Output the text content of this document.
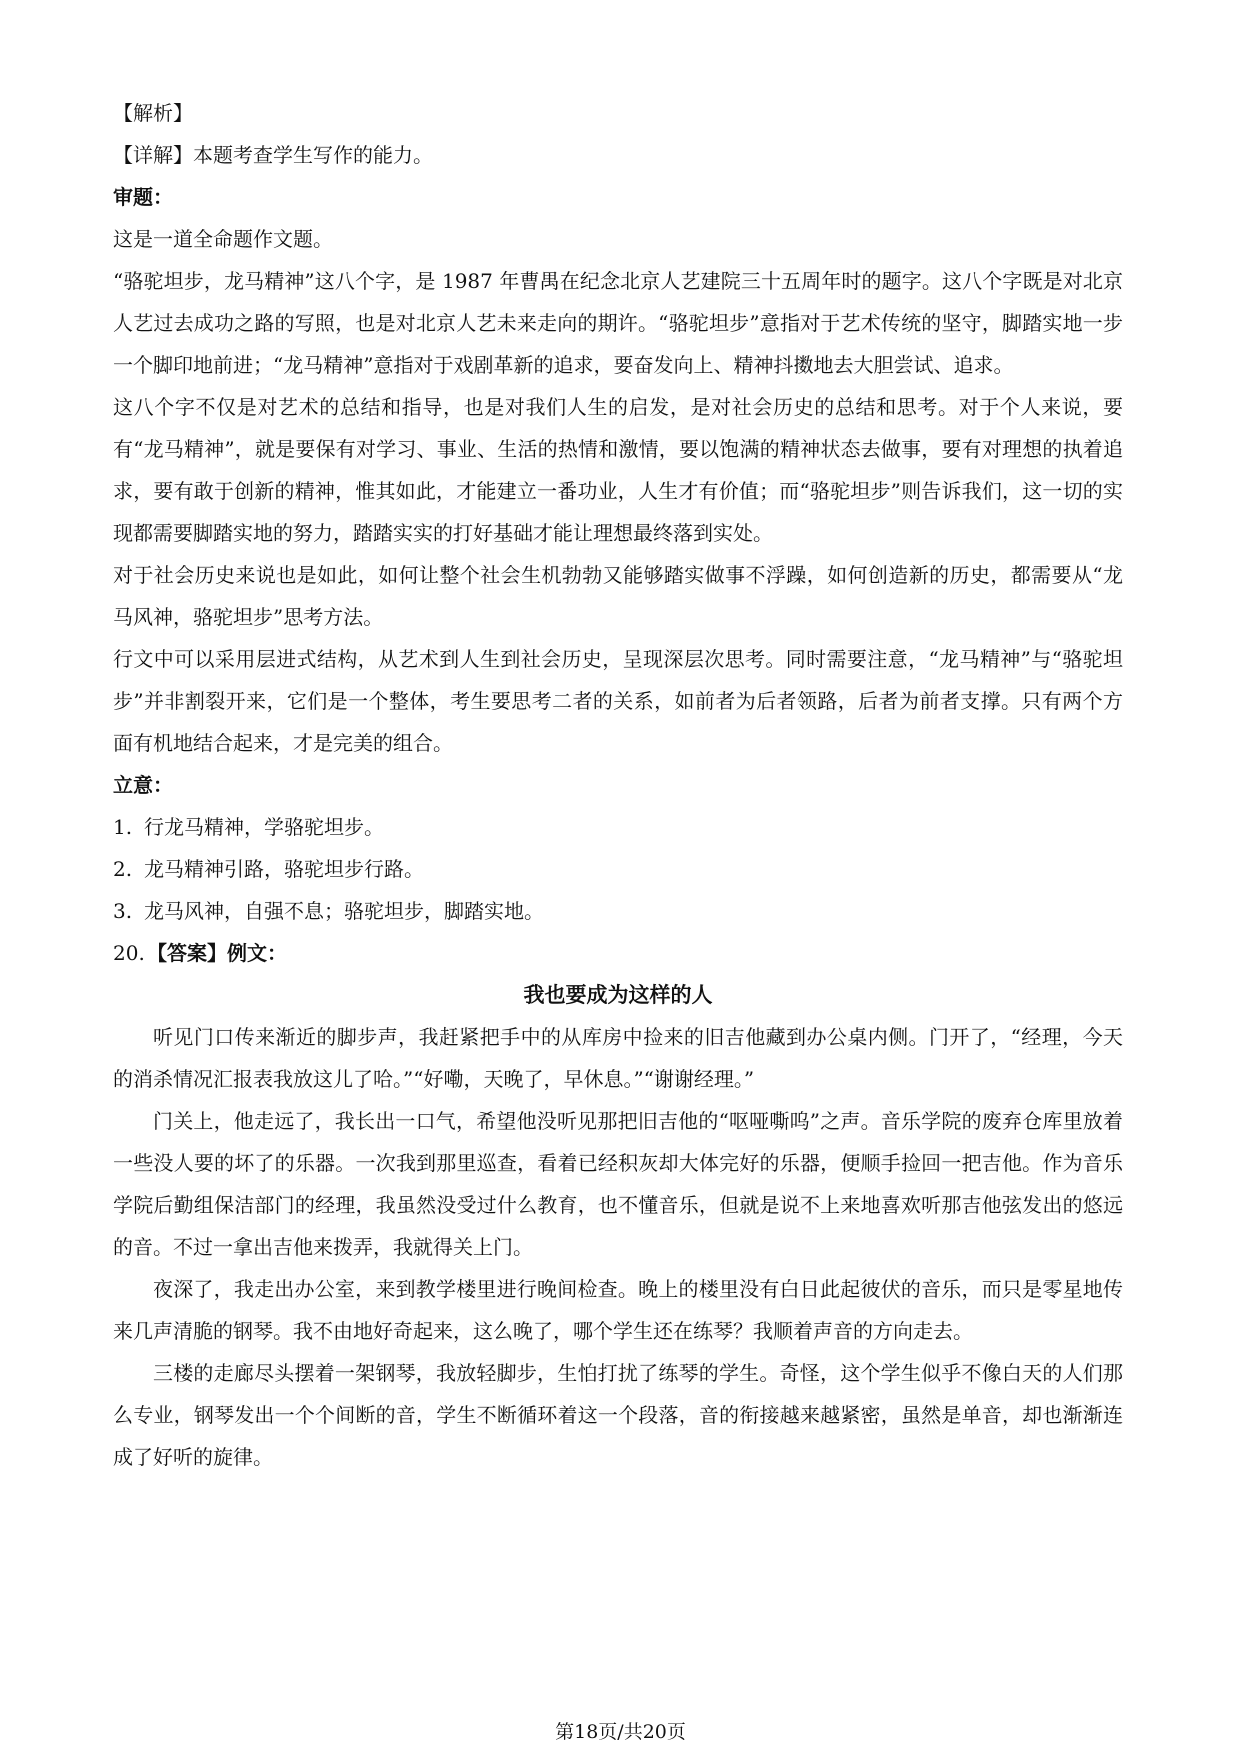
【解析】

【详解】本题考查学生写作的能力。

审题：

这是一道全命题作文题。

“骆驼坦步，龙马精神”这八个字，是 1987 年曹禺在纪念北京人艺建院三十五周年时的题字。这八个字既是对北京人艺过去成功之路的写照，也是对北京人艺未来走向的期许。“骆驼坦步”意指对于艺术传统的坚守，脚踏实地一步一个脚印地前进；“龙马精神”意指对于戏剧革新的追求，要奋发向上、精神抖擞地去大胆尝试、追求。

这八个字不仅是对艺术的总结和指导，也是对我们人生的启发，是对社会历史的总结和思考。对于个人来说，要有“龙马精神”，就是要保有对学习、事业、生活的热情和激情，要以饱满的精神状态去做事，要有对理想的执着追求，要有敢于创新的精神，惟其如此，才能建立一番功业，人生才有价值；而“骆驼坦步”则告诉我们，这一切的实现都需要脚踏实地的努力，踏踏实实的打好基础才能让理想最终落到实处。

对于社会历史来说也是如此，如何让整个社会生机勃勃又能够踏实做事不浮躁，如何创造新的历史，都需要从“龙马风神，骆驼坦步”思考方法。

行文中可以采用层进式结构，从艺术到人生到社会历史，呈现深层次思考。同时需要注意，“龙马精神”与“骆驼坦步”并非割裂开来，它们是一个整体，考生要思考二者的关系，如前者为后者领路，后者为前者支撑。只有两个方面有机地结合起来，才是完美的组合。

立意：

1. 行龙马精神，学骆驼坦步。

2. 龙马精神引路，骆驼坦步行路。

3. 龙马风神，自强不息；骆驼坦步，脚踏实地。

20. 【答案】例文：

我也要成为这样的人

听见门口传来渐近的脚步声，我赶紧把手中的从库房中捡来的旧吉他藏到办公桌内侧。门开了，“经理，今天的消杀情况汇报表我放这儿了哈。”“好嘞，天晚了，早休息。”“谢谢经理。”

门关上，他走远了，我长出一口气，希望他没听见那把旧吉他的“呕哑嘶呜”之声。音乐学院的废弃仓库里放着一些没人要的坏了的乐器。一次我到那里巡查，看着已经积灰却大体完好的乐器，便顺手捡回一把吉他。作为音乐学院后勤组保洁部门的经理，我虽然没受过什么教育，也不懂音乐，但就是说不上来地喜欢听那吉他弦发出的悠远的音。不过一拿出吉他来拨弄，我就得关上门。

夜深了，我走出办公室，来到教学楼里进行晚间检查。晚上的楼里没有白日此起彼伏的音乐，而只是零星地传来几声清脆的钢琴。我不由地好奇起来，这么晚了，哪个学生还在练琴？我顺着声音的方向走去。

三楼的走廊尽头摆着一架钢琴，我放轻脚步，生怕打扰了练琴的学生。奇怪，这个学生似乎不像白天的人们那么专业，钢琴发出一个个间断的音，学生不断循环着这一个段落，音的衔接越来越紧密，虽然是单音，却也渐渐连成了好听的旋律。

第18页/共20页
